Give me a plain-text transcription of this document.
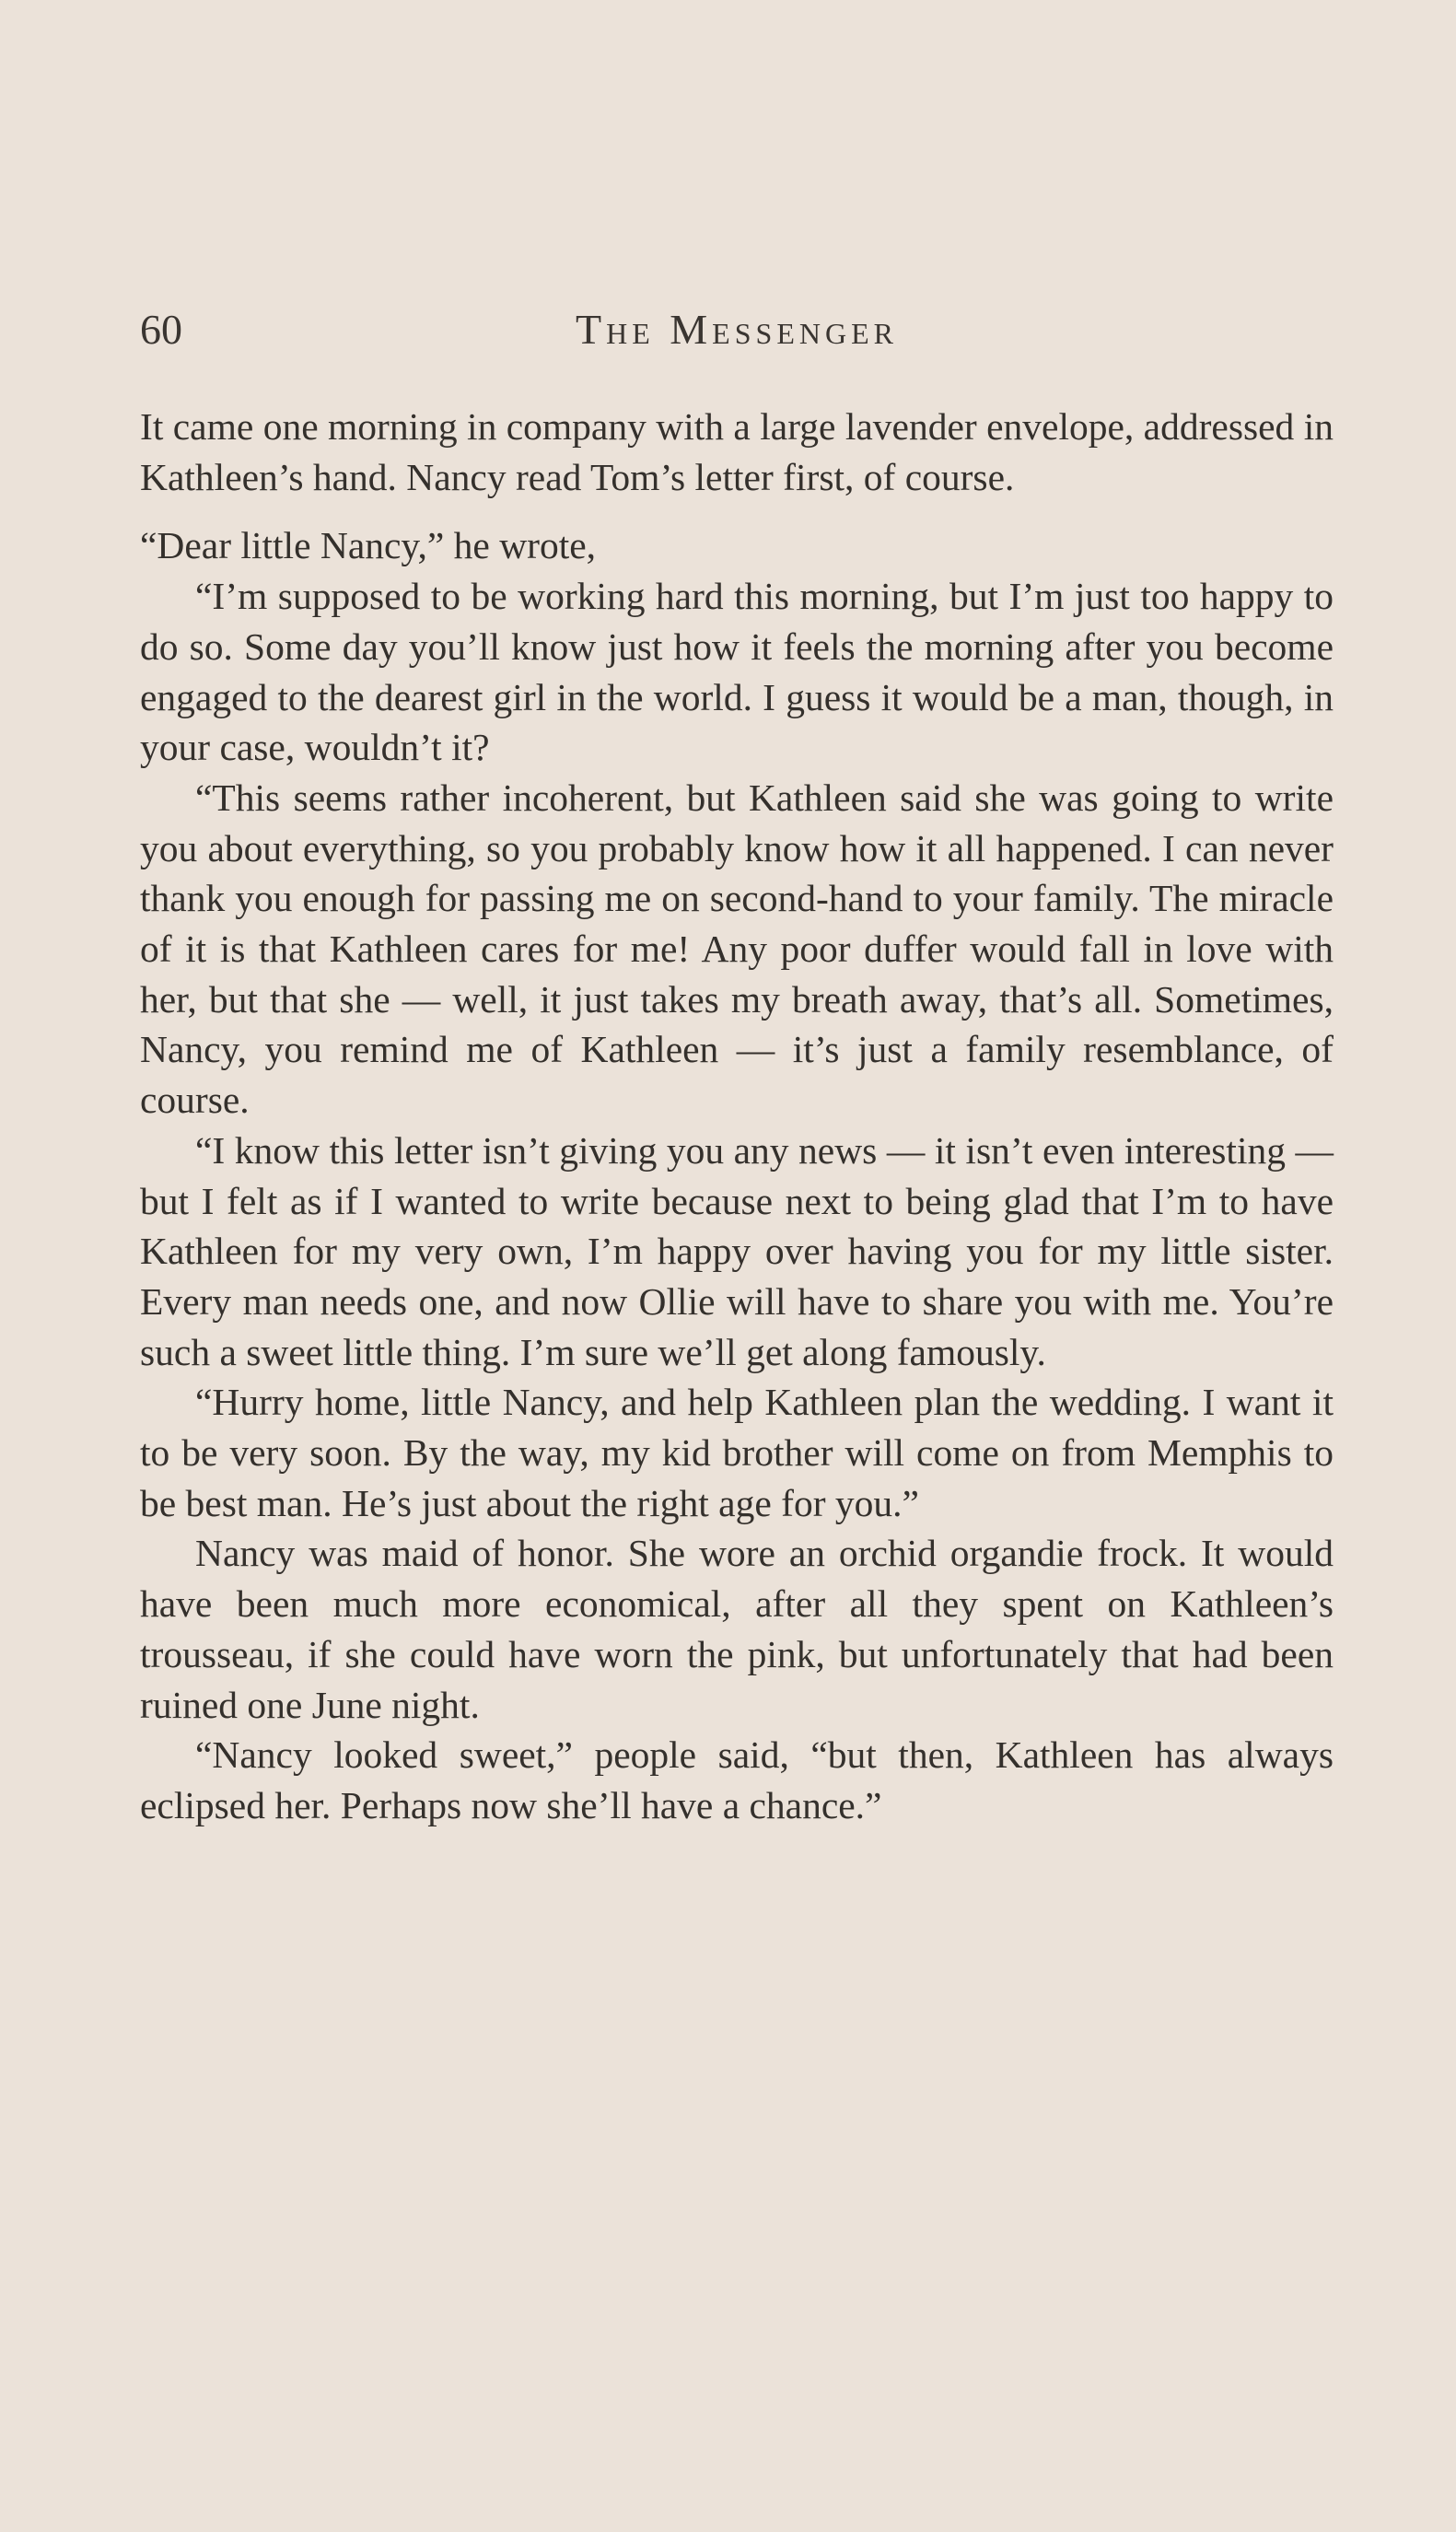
60	The Messenger

It came one morning in company with a large lavender envelope, addressed in Kathleen’s hand. Nancy read Tom’s letter first, of course.

“Dear little Nancy,” he wrote,

“I’m supposed to be working hard this morning, but I’m just too happy to do so. Some day you’ll know just how it feels the morning after you become engaged to the dearest girl in the world. I guess it would be a man, though, in your case, wouldn’t it?

“This seems rather incoherent, but Kathleen said she was going to write you about everything, so you probably know how it all happened. I can never thank you enough for passing me on second-hand to your family. The miracle of it is that Kathleen cares for me! Any poor duffer would fall in love with her, but that she — well, it just takes my breath away, that’s all. Sometimes, Nancy, you remind me of Kathleen — it’s just a family resemblance, of course.

“I know this letter isn’t giving you any news — it isn’t even interesting — but I felt as if I wanted to write because next to being glad that I’m to have Kathleen for my very own, I’m happy over having you for my little sister. Every man needs one, and now Ollie will have to share you with me. You’re such a sweet little thing. I’m sure we’ll get along famously.

“Hurry home, little Nancy, and help Kathleen plan the wedding. I want it to be very soon. By the way, my kid brother will come on from Memphis to be best man. He’s just about the right age for you.”

Nancy was maid of honor. She wore an orchid organdie frock. It would have been much more economical, after all they spent on Kathleen’s trousseau, if she could have worn the pink, but unfortunately that had been ruined one June night.

“Nancy looked sweet,” people said, “but then, Kathleen has always eclipsed her. Perhaps now she’ll have a chance.”
